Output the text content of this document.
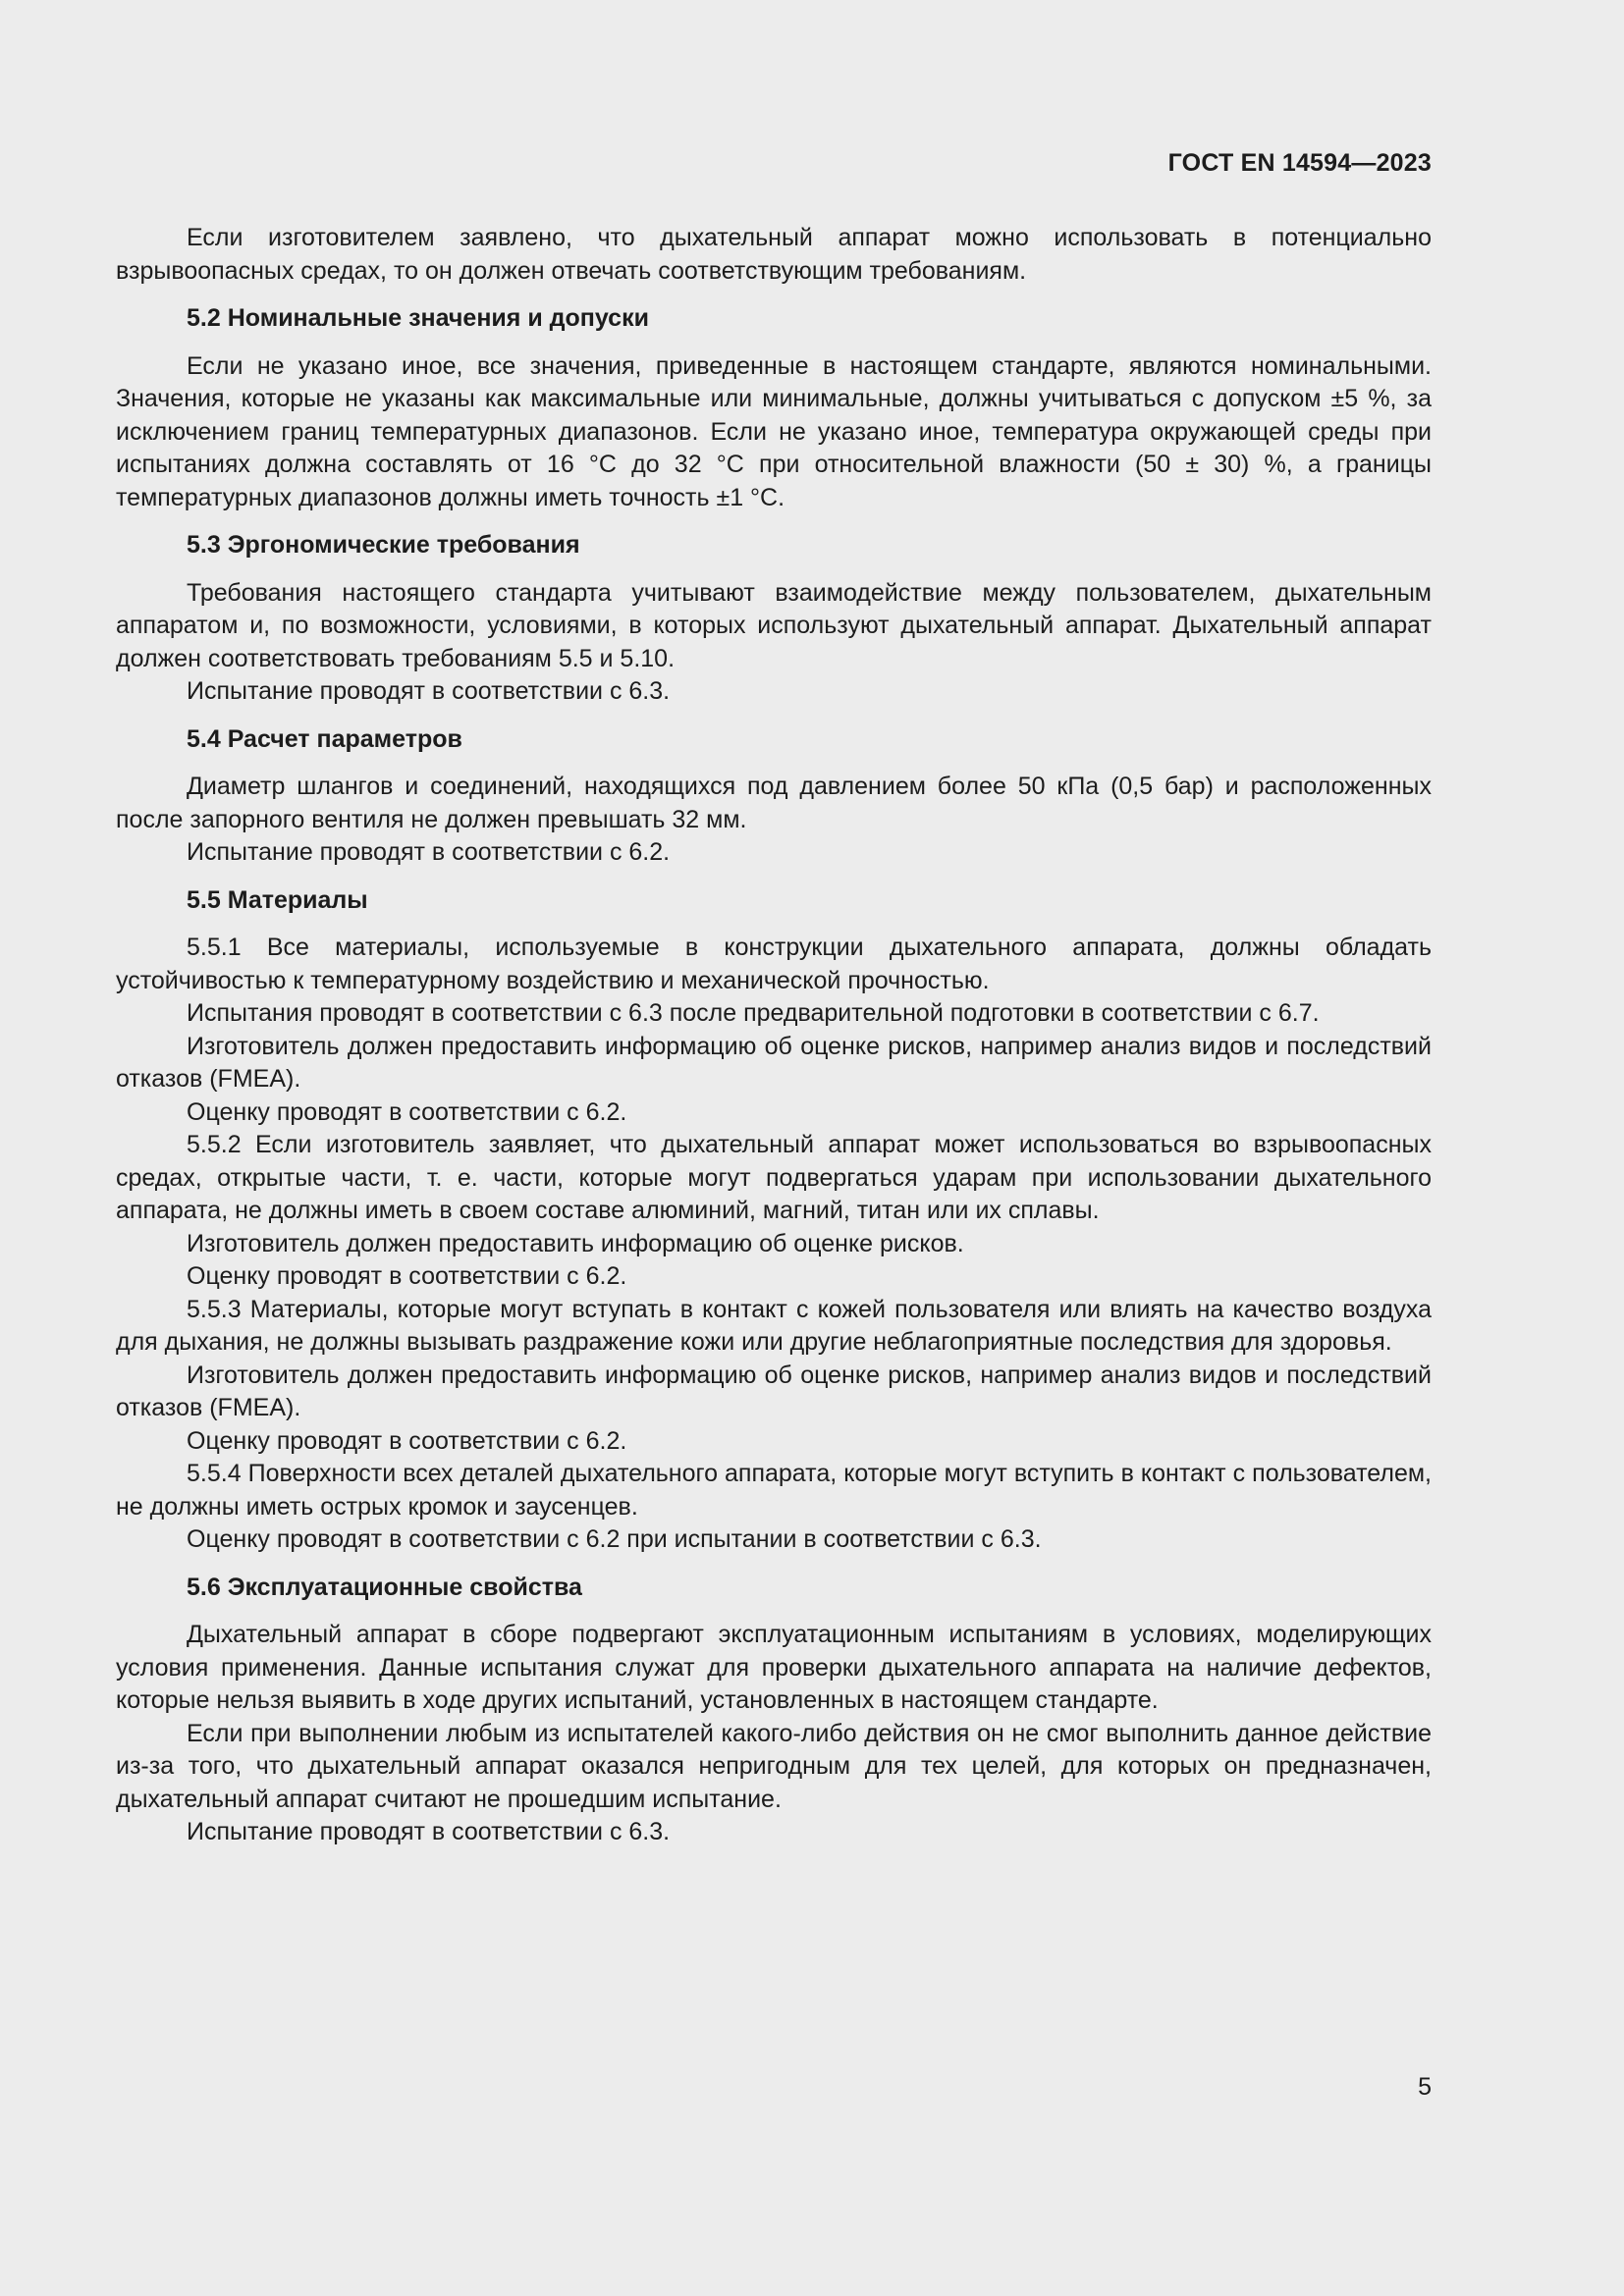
ГОСТ EN 14594—2023

Если изготовителем заявлено, что дыхательный аппарат можно использовать в потенциально взрывоопасных средах, то он должен отвечать соответствующим требованиям.

5.2 Номинальные значения и допуски

Если не указано иное, все значения, приведенные в настоящем стандарте, являются номинальными. Значения, которые не указаны как максимальные или минимальные, должны учитываться с допуском ±5 %, за исключением границ температурных диапазонов. Если не указано иное, температура окружающей среды при испытаниях должна составлять от 16 °C до 32 °C при относительной влажности (50 ± 30) %, а границы температурных диапазонов должны иметь точность ±1 °C.

5.3 Эргономические требования

Требования настоящего стандарта учитывают взаимодействие между пользователем, дыхательным аппаратом и, по возможности, условиями, в которых используют дыхательный аппарат. Дыхательный аппарат должен соответствовать требованиям 5.5 и 5.10.

Испытание проводят в соответствии с 6.3.

5.4 Расчет параметров

Диаметр шлангов и соединений, находящихся под давлением более 50 кПа (0,5 бар) и расположенных после запорного вентиля не должен превышать 32 мм.

Испытание проводят в соответствии с 6.2.

5.5 Материалы

5.5.1 Все материалы, используемые в конструкции дыхательного аппарата, должны обладать устойчивостью к температурному воздействию и механической прочностью.

Испытания проводят в соответствии с 6.3 после предварительной подготовки в соответствии с 6.7.

Изготовитель должен предоставить информацию об оценке рисков, например анализ видов и последствий отказов (FMEA).

Оценку проводят в соответствии с 6.2.

5.5.2 Если изготовитель заявляет, что дыхательный аппарат может использоваться во взрывоопасных средах, открытые части, т. е. части, которые могут подвергаться ударам при использовании дыхательного аппарата, не должны иметь в своем составе алюминий, магний, титан или их сплавы.

Изготовитель должен предоставить информацию об оценке рисков.

Оценку проводят в соответствии с 6.2.

5.5.3 Материалы, которые могут вступать в контакт с кожей пользователя или влиять на качество воздуха для дыхания, не должны вызывать раздражение кожи или другие неблагоприятные последствия для здоровья.

Изготовитель должен предоставить информацию об оценке рисков, например анализ видов и последствий отказов (FMEA).

Оценку проводят в соответствии с 6.2.

5.5.4 Поверхности всех деталей дыхательного аппарата, которые могут вступить в контакт с пользователем, не должны иметь острых кромок и заусенцев.

Оценку проводят в соответствии с 6.2 при испытании в соответствии с 6.3.

5.6 Эксплуатационные свойства

Дыхательный аппарат в сборе подвергают эксплуатационным испытаниям в условиях, моделирующих условия применения. Данные испытания служат для проверки дыхательного аппарата на наличие дефектов, которые нельзя выявить в ходе других испытаний, установленных в настоящем стандарте.

Если при выполнении любым из испытателей какого-либо действия он не смог выполнить данное действие из-за того, что дыхательный аппарат оказался непригодным для тех целей, для которых он предназначен, дыхательный аппарат считают не прошедшим испытание.

Испытание проводят в соответствии с 6.3.

5
